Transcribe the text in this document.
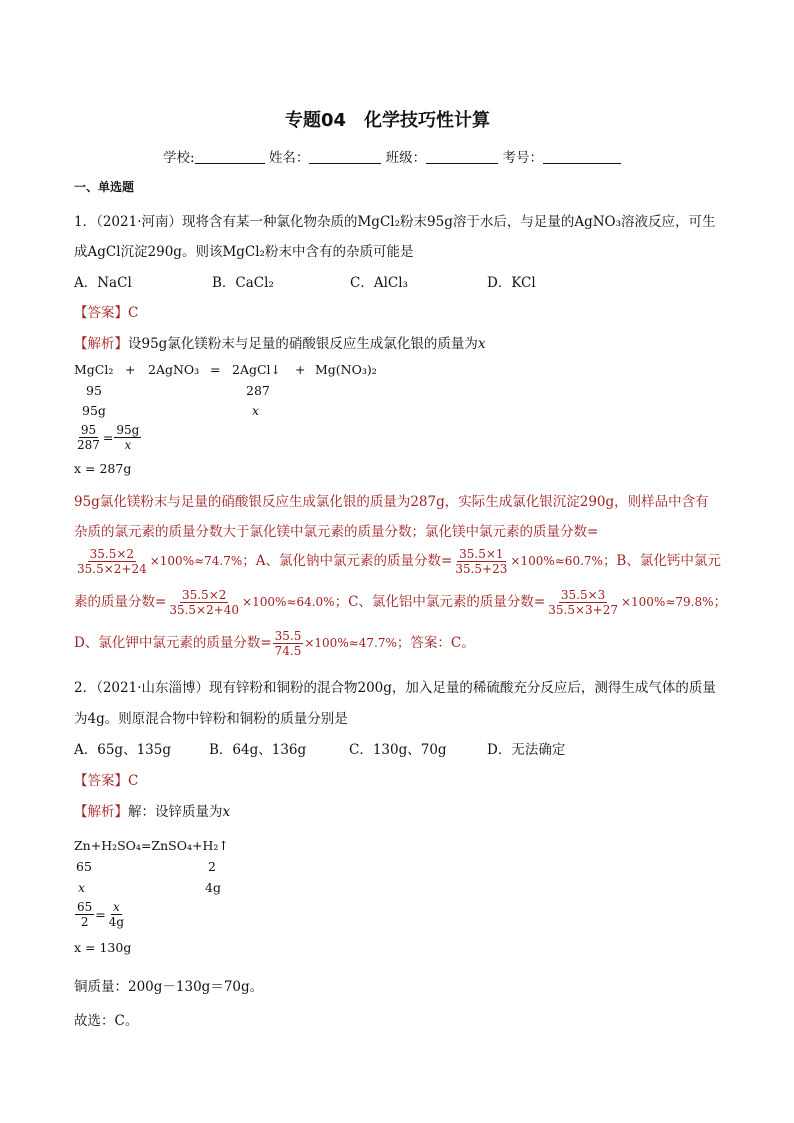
专题04　化学技巧性计算
学校:	姓名：	班级：	考号：
一、单选题
1．（2021·河南）现将含有某一种氯化物杂质的MgCl₂粉末95g溶于水后，与足量的AgNO₃溶液反应，可生
成AgCl沉淀290g。则该MgCl₂粉末中含有的杂质可能是
A．NaCl	B．CaCl₂	C．AlCl₃	D．KCl
【答案】C
【解析】设95g氯化镁粉末与足量的硝酸银反应生成氯化银的质量为x
MgCl₂ + 2AgNO₃ = 2AgCl↓ + Mg(NO₃)₂
95	287
95g	x
$\frac{95}{287} = \frac{95g}{x}$
x = 287g
95g氯化镁粉末与足量的硝酸银反应生成氯化银的质量为287g，实际生成氯化银沉淀290g，则样品中含有
杂质的氯元素的质量分数大于氯化镁中氯元素的质量分数；氯化镁中氯元素的质量分数=
$\frac{35.5\times 2}{35.5\times 2+24} \times 100\%\approx 74.7\%$；A、氯化钠中氯元素的质量分数= $\frac{35.5\times 1}{35.5+23} \times 100\%\approx 60.7\%$；B、氯化钙中氯元
素的质量分数= $\frac{35.5\times 2}{35.5\times 2+40} \times 100\%\approx 64.0\%$；C、氯化铝中氯元素的质量分数= $\frac{35.5\times 3}{35.5\times 3+27} \times 100\%\approx 79.8\%$；
D、氯化钾中氯元素的质量分数= $\frac{35.5}{74.5} \times 100\%\approx 47.7\%$；答案：C。
2．（2021·山东淄博）现有锌粉和铜粉的混合物200g，加入足量的稀硫酸充分反应后，测得生成气体的质量
为4g。则原混合物中锌粉和铜粉的质量分别是
A．65g、135g	B．64g、136g	C．130g、70g	D．无法确定
【答案】C
【解析】解：设锌质量为x
Zn+H₂SO₄=ZnSO₄+H₂↑
65	2
x	4g
$\frac{65}{2} = \frac{x}{4g}$
x = 130g
铜质量：200g－130g＝70g。
故选：C。
